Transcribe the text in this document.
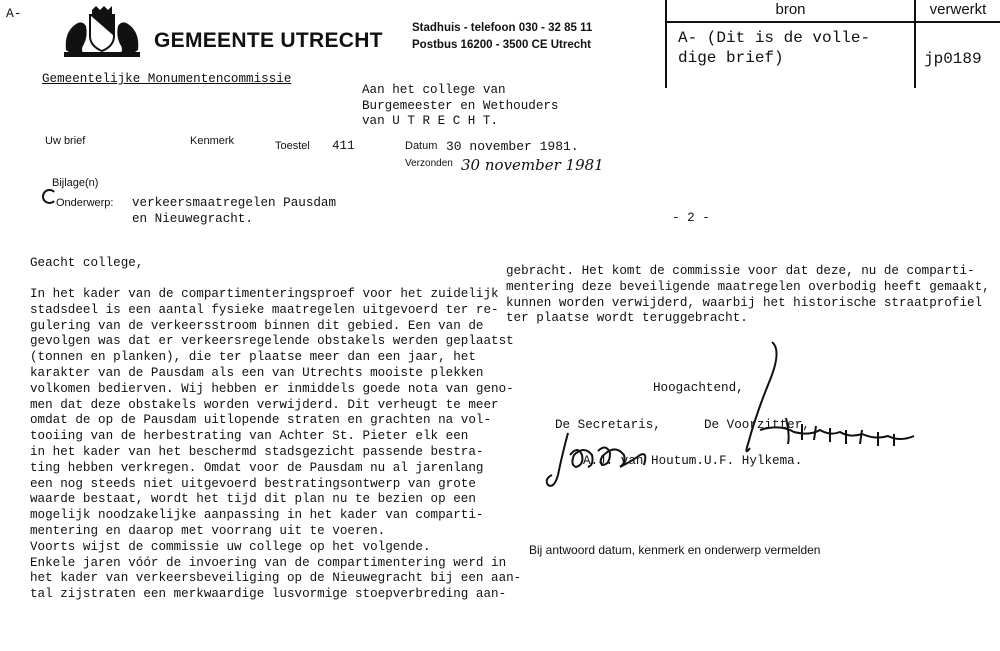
A-
GEMEENTE UTRECHT
Stadhuis - telefoon 030 - 32 85 11
Postbus 16200 - 3500 CE Utrecht
bron	verwerkt
A- (Dit is de volle-
dige brief)	jp0189
Gemeentelijke Monumentencommissie
Aan het college van
Burgemeester en Wethouders
van U T R E C H T.
Uw brief	Kenmerk	Toestel 411	Datum 30 november 1981.
Verzonden 30 november 1981
Bijlage(n)
Onderwerp: verkeersmaatregelen Pausdam
en Nieuwegracht.	- 2 -
Geacht college,
In het kader van de compartimenteringsproef voor het zuidelijk
stadsdeel is een aantal fysieke maatregelen uitgevoerd ter re-
gulering van de verkeersstroom binnen dit gebied. Een van de
gevolgen was dat er verkeersregelende obstakels werden geplaatst
(tonnen en planken), die ter plaatse meer dan een jaar, het
karakter van de Pausdam als een van Utrechts mooiste plekken
volkomen bedierven. Wij hebben er inmiddels goede nota van geno-
men dat deze obstakels worden verwijderd. Dit verheugt te meer
omdat de op de Pausdam uitlopende straten en grachten na vol-
tooiing van de herbestrating van Achter St. Pieter elk een
in het kader van het beschermd stadsgezicht passende bestra-
ting hebben verkregen. Omdat voor de Pausdam nu al jarenlang
een nog steeds niet uitgevoerd bestratingsontwerp van grote
waarde bestaat, wordt het tijd dit plan nu te bezien op een
mogelijk noodzakelijke aanpassing in het kader van comparti-
mentering en daarop met voorrang uit te voeren.
Voorts wijst de commissie uw college op het volgende.
Enkele jaren vóór de invoering van de compartimentering werd in
het kader van verkeersbeveiliging op de Nieuwegracht bij een aan-
tal zijstraten een merkwaardige lusvormige stoepverbreding aan-
gebracht. Het komt de commissie voor dat deze, nu de comparti-
mentering deze beveiligende maatregelen overbodig heeft gemaakt,
kunnen worden verwijderd, waarbij het historische straatprofiel
ter plaatse wordt teruggebracht.
Hoogachtend,
De Secretaris,
A.J. van Houtum.
De Voorzitter,
U.F. Hylkema.
Bij antwoord datum, kenmerk en onderwerp vermelden
